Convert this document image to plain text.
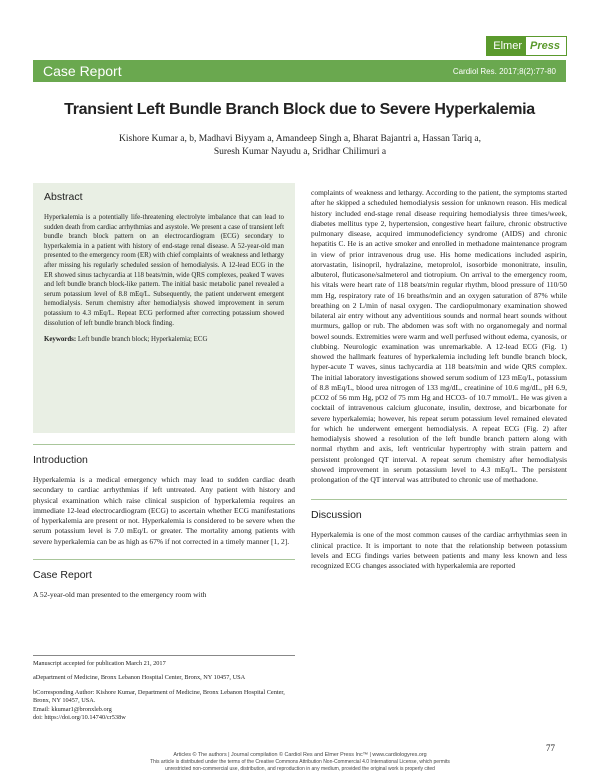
Elmer Press
Case Report	Cardiol Res. 2017;8(2):77-80
Transient Left Bundle Branch Block due to Severe Hyperkalemia
Kishore Kumar a, b, Madhavi Biyyam a, Amandeep Singh a, Bharat Bajantri a, Hassan Tariq a,
Suresh Kumar Nayudu a, Sridhar Chilimuri a
Abstract

Hyperkalemia is a potentially life-threatening electrolyte imbalance that can lead to sudden death from cardiac arrhythmias and asystole. We present a case of transient left bundle branch block pattern on an electrocardiogram (ECG) secondary to hyperkalemia in a patient with history of end-stage renal disease. A 52-year-old man presented to the emergency room (ER) with chief complaints of weakness and lethargy after missing his regularly scheduled session of hemodialysis. A 12-lead ECG in the ER showed sinus tachycardia at 118 beats/min, wide QRS complexes, peaked T waves and left bundle branch block-like pattern. The initial basic metabolic panel revealed a serum potassium level of 8.8 mEq/L. Subsequently, the patient underwent emergent hemodialysis. Serum chemistry after hemodialysis showed improvement in serum potassium to 4.3 mEq/L. Repeat ECG performed after correcting potassium showed dissolution of left bundle branch block finding.

Keywords: Left bundle branch block; Hyperkalemia; ECG
Introduction

Hyperkalemia is a medical emergency which may lead to sudden cardiac death secondary to cardiac arrhythmias if left untreated. Any patient with history and physical examination which raise clinical suspicion of hyperkalemia requires an immediate 12-lead electrocardiogram (ECG) to ascertain whether ECG manifestations of hyperkalemia are present or not. Hyperkalemia is considered to be severe when the serum potassium level is 7.0 mEq/L or greater. The mortality among patients with severe hyperkalemia can be as high as 67% if not corrected in a timely manner [1, 2].

Case Report

A 52-year-old man presented to the emergency room with

Manuscript accepted for publication March 21, 2017

aDepartment of Medicine, Bronx Lebanon Hospital Center, Bronx, NY 10457, USA

bCorresponding Author: Kishore Kumar, Department of Medicine, Bronx Lebanon Hospital Center, Bronx, NY 10457, USA.
Email: kkumar1@bronxleb.org
doi: https://doi.org/10.14740/cr538w

complaints of weakness and lethargy. According to the patient, the symptoms started after he skipped a scheduled hemodialysis session for unknown reason. His medical history included end-stage renal disease requiring hemodialysis three times/week, diabetes mellitus type 2, hypertension, congestive heart failure, chronic obstructive pulmonary disease, acquired immunodeficiency syndrome (AIDS) and chronic hepatitis C. He is an active smoker and enrolled in methadone maintenance program in view of prior intravenous drug use. His home medications included aspirin, atorvastatin, lisinopril, hydralazine, metoprolol, isosorbide mononitrate, insulin, albuterol, fluticasone/salmeterol and tiotropium. On arrival to the emergency room, his vitals were heart rate of 118 beats/min regular rhythm, blood pressure of 110/50 mm Hg, respiratory rate of 16 breaths/min and an oxygen saturation of 87% while breathing on 2 L/min of nasal oxygen. The cardiopulmonary examination showed bilateral air entry without any adventitious sounds and normal heart sounds without murmurs, gallop or rub. The abdomen was soft with no organomegaly and normal bowel sounds. Extremities were warm and well perfused without edema, cyanosis, or clubbing. Neurologic examination was unremarkable. A 12-lead ECG (Fig. 1) showed the hallmark features of hyperkalemia including left bundle branch block, hyper-acute T waves, sinus tachycardia at 118 beats/min and wide QRS complex. The initial laboratory investigations showed serum sodium of 123 mEq/L, potassium of 8.8 mEq/L, blood urea nitrogen of 133 mg/dL, creatinine of 10.6 mg/dL, pH 6.9, pCO2 of 56 mm Hg, pO2 of 75 mm Hg and HCO3- of 10.7 mmol/L. He was given a cocktail of intravenous calcium gluconate, insulin, dextrose, and bicarbonate for severe hyperkalemia; however, his repeat serum potassium level remained elevated for which he underwent emergent hemodialysis. A repeat ECG (Fig. 2) after hemodialysis showed a resolution of the left bundle branch pattern along with normal rhythm and axis, left ventricular hypertrophy with strain pattern and persistent prolonged QT interval. A repeat serum chemistry after hemodialysis showed improvement in serum potassium level to 4.3 mEq/L. The persistent prolongation of the QT interval was attributed to chronic use of methadone.

Discussion

Hyperkalemia is one of the most common causes of the cardiac arrhythmias seen in clinical practice. It is important to note that the relationship between potassium levels and ECG findings varies between patients and many less known and less recognized ECG changes associated with hyperkalemia are reported

Articles © The authors | Journal compilation © Cardiol Res and Elmer Press Inc™ | www.cardiologyres.org
This article is distributed under the terms of the Creative Commons Attribution Non-Commercial 4.0 International License, which permits
unrestricted non-commercial use, distribution, and reproduction in any medium, provided the original work is properly cited
77
